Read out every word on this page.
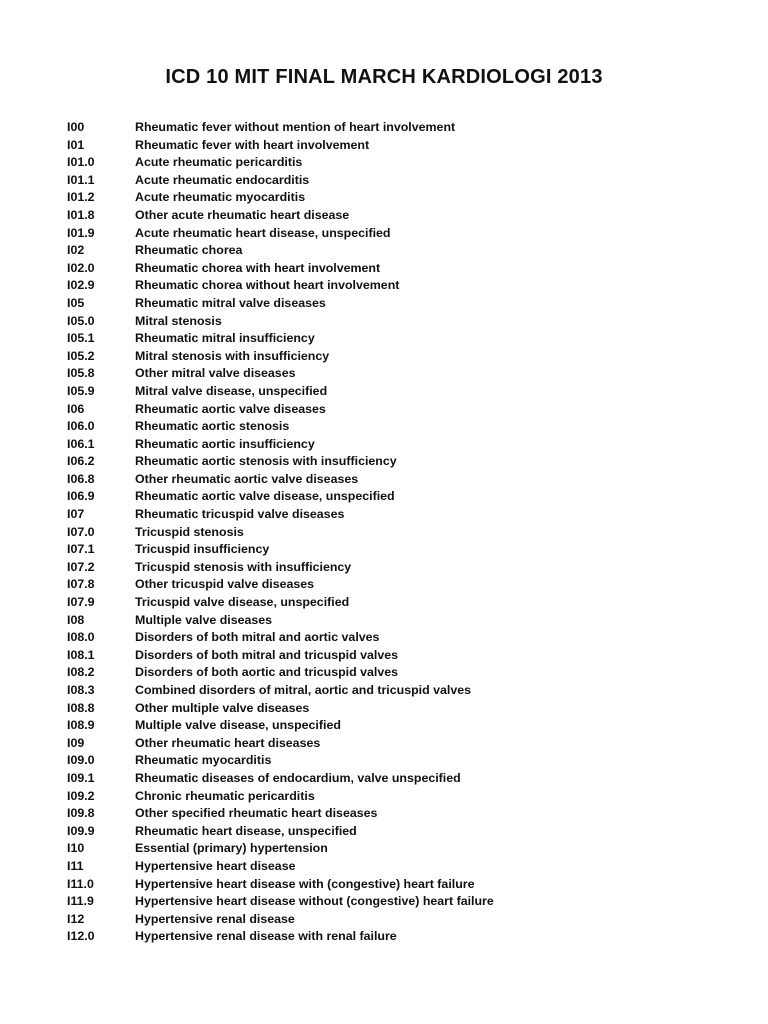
ICD 10 MIT FINAL MARCH KARDIOLOGI 2013
I00	Rheumatic fever without mention of heart involvement
I01	Rheumatic fever with heart involvement
I01.0	Acute rheumatic pericarditis
I01.1	Acute rheumatic endocarditis
I01.2	Acute rheumatic myocarditis
I01.8	Other acute rheumatic heart disease
I01.9	Acute rheumatic heart disease, unspecified
I02	Rheumatic chorea
I02.0	Rheumatic chorea with heart involvement
I02.9	Rheumatic chorea without heart involvement
I05	Rheumatic mitral valve diseases
I05.0	Mitral stenosis
I05.1	Rheumatic mitral insufficiency
I05.2	Mitral stenosis with insufficiency
I05.8	Other mitral valve diseases
I05.9	Mitral valve disease, unspecified
I06	Rheumatic aortic valve diseases
I06.0	Rheumatic aortic stenosis
I06.1	Rheumatic aortic insufficiency
I06.2	Rheumatic aortic stenosis with insufficiency
I06.8	Other rheumatic aortic valve diseases
I06.9	Rheumatic aortic valve disease, unspecified
I07	Rheumatic tricuspid valve diseases
I07.0	Tricuspid stenosis
I07.1	Tricuspid insufficiency
I07.2	Tricuspid stenosis with insufficiency
I07.8	Other tricuspid valve diseases
I07.9	Tricuspid valve disease, unspecified
I08	Multiple valve diseases
I08.0	Disorders of both mitral and aortic valves
I08.1	Disorders of both mitral and tricuspid valves
I08.2	Disorders of both aortic and tricuspid valves
I08.3	Combined disorders of mitral, aortic and tricuspid valves
I08.8	Other multiple valve diseases
I08.9	Multiple valve disease, unspecified
I09	Other rheumatic heart diseases
I09.0	Rheumatic myocarditis
I09.1	Rheumatic diseases of endocardium, valve unspecified
I09.2	Chronic rheumatic pericarditis
I09.8	Other specified rheumatic heart diseases
I09.9	Rheumatic heart disease, unspecified
I10	Essential (primary) hypertension
I11	Hypertensive heart disease
I11.0	Hypertensive heart disease with (congestive) heart failure
I11.9	Hypertensive heart disease without (congestive) heart failure
I12	Hypertensive renal disease
I12.0	Hypertensive renal disease with renal failure
